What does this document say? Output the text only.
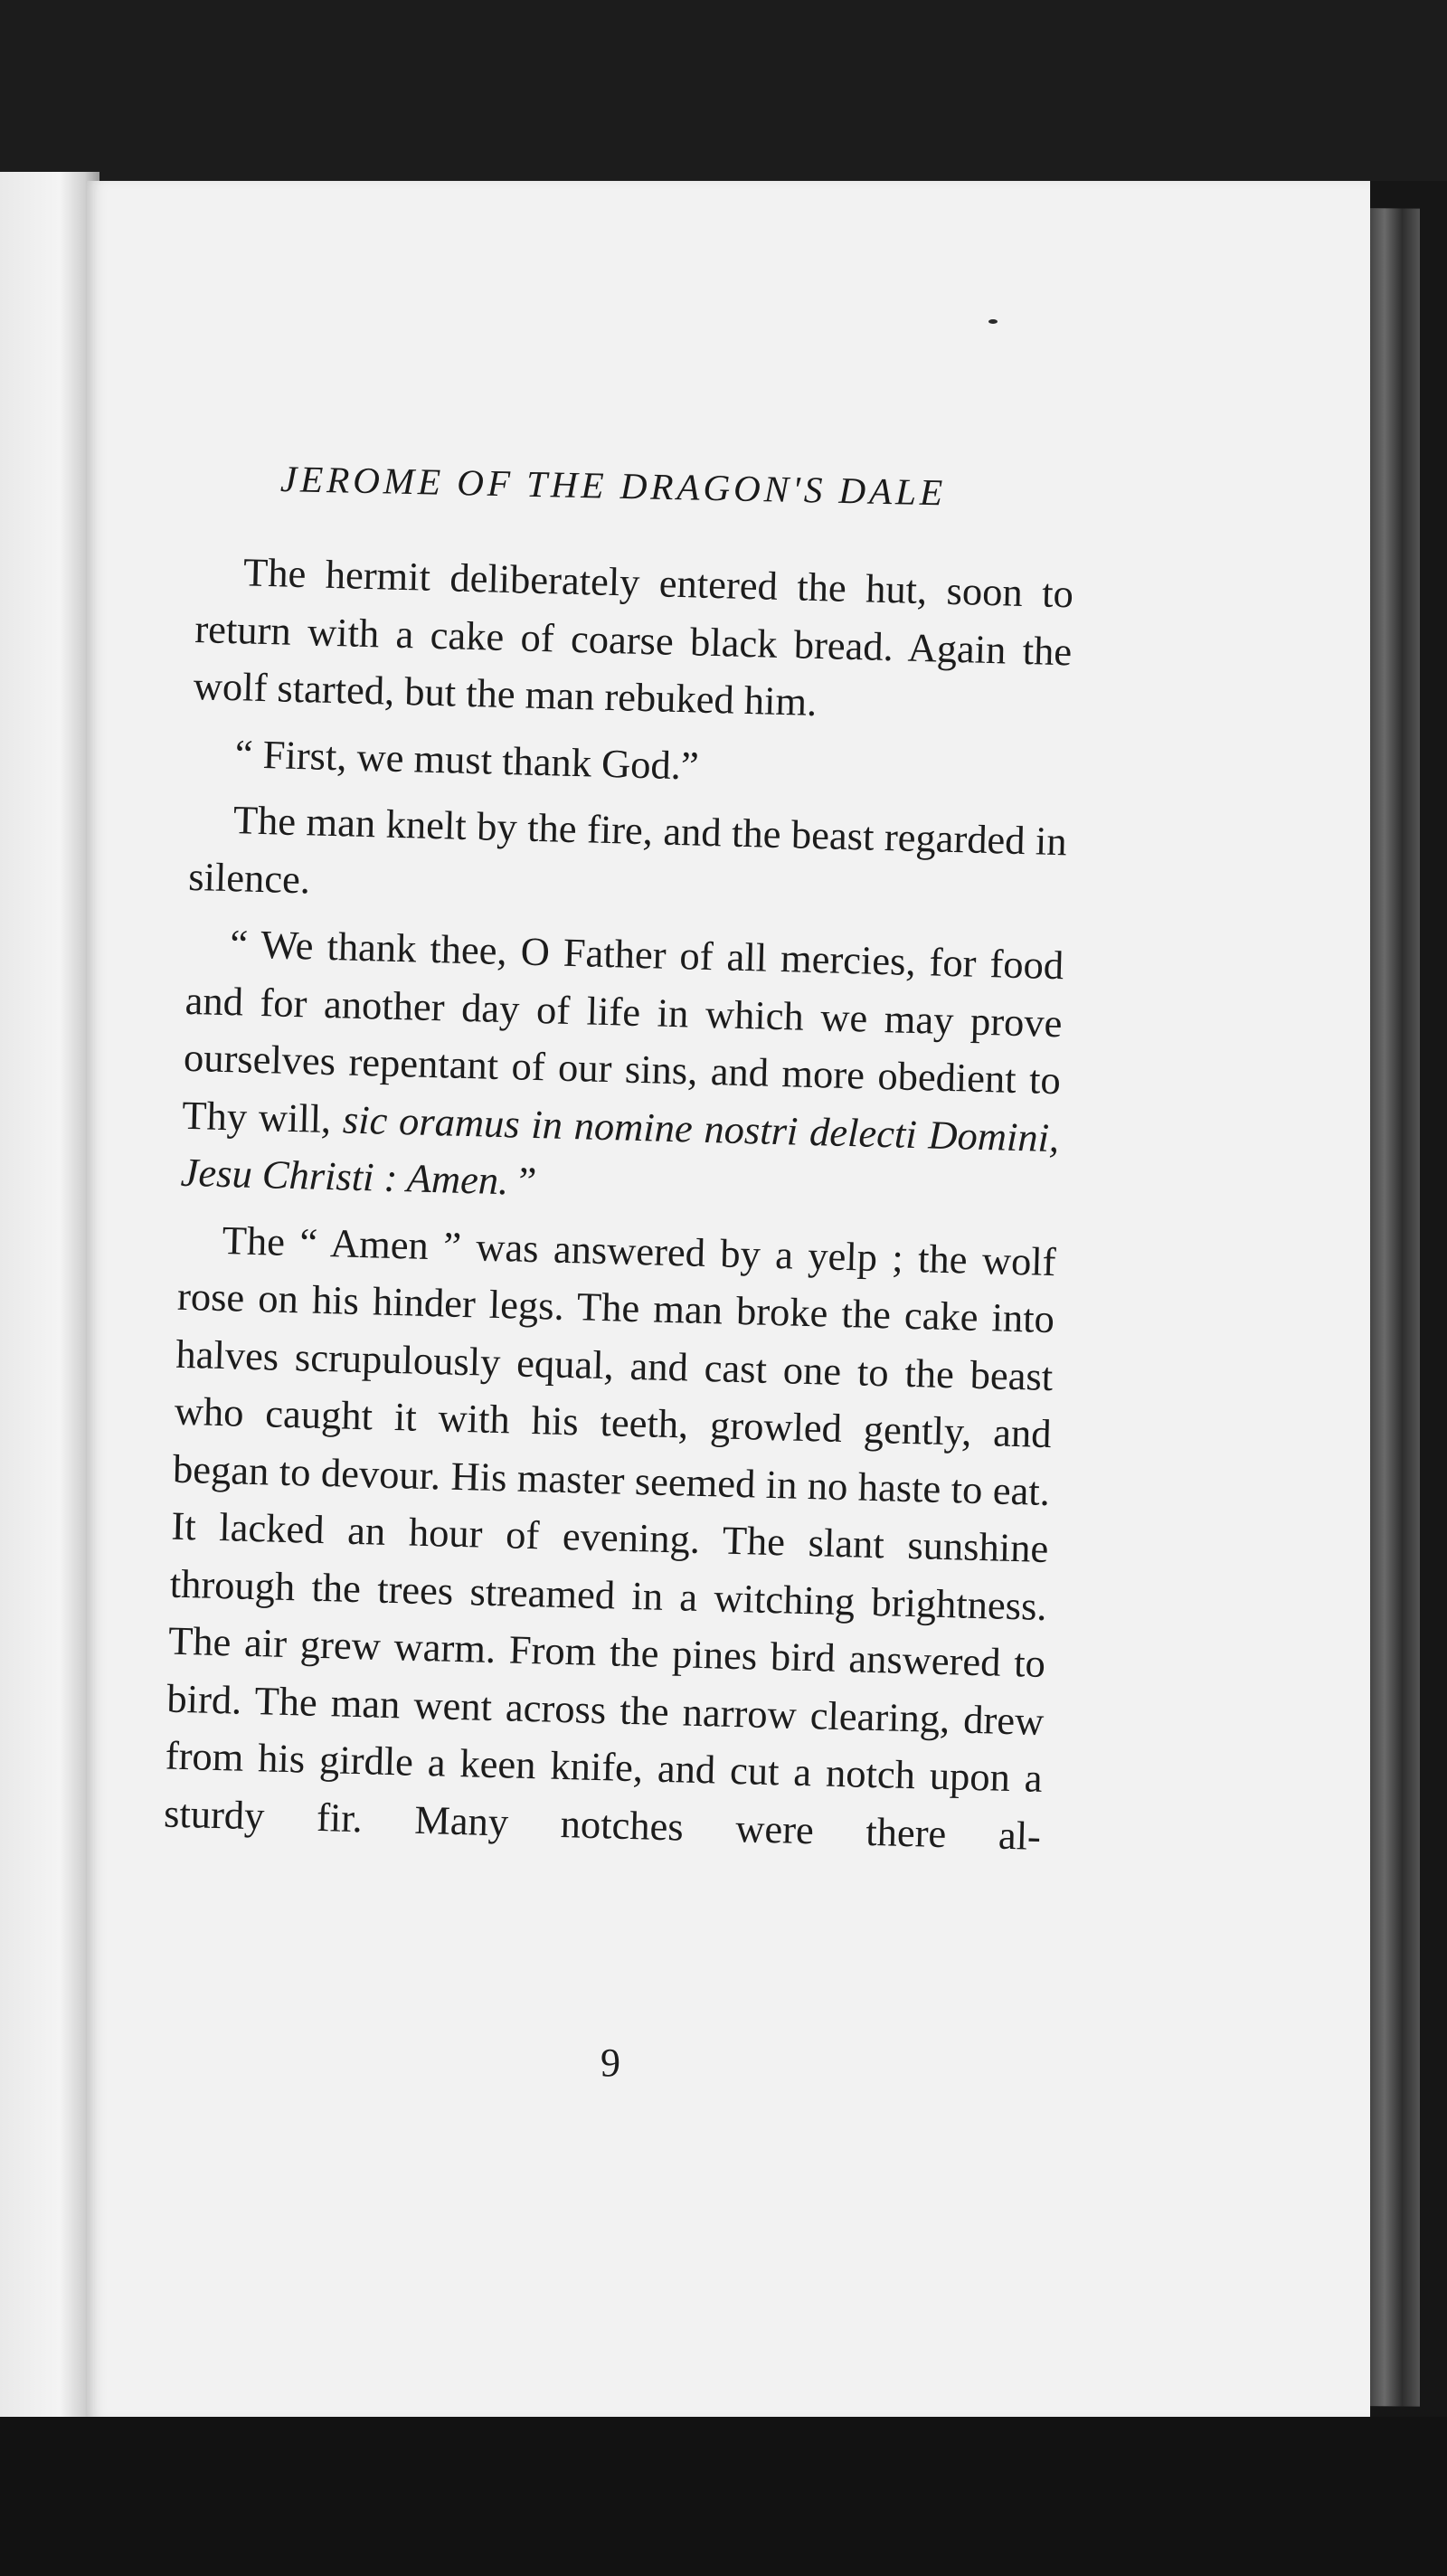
JEROME OF THE DRAGON'S DALE

The hermit deliberately entered the hut, soon to return with a cake of coarse black bread. Again the wolf started, but the man rebuked him.

“ First, we must thank God.”

The man knelt by the fire, and the beast regarded in silence.

“ We thank thee, O Father of all mercies, for food and for another day of life in which we may prove ourselves repentant of our sins, and more obedient to Thy will, sic oramus in nomine nostri delecti Domini, Jesu Christi : Amen. ”

The “ Amen ” was answered by a yelp ; the wolf rose on his hinder legs. The man broke the cake into halves scrupulously equal, and cast one to the beast who caught it with his teeth, growled gently, and began to devour. His master seemed in no haste to eat. It lacked an hour of evening. The slant sunshine through the trees streamed in a witching brightness. The air grew warm. From the pines bird answered to bird. The man went across the narrow clearing, drew from his girdle a keen knife, and cut a notch upon a sturdy fir. Many notches were there al-

9
